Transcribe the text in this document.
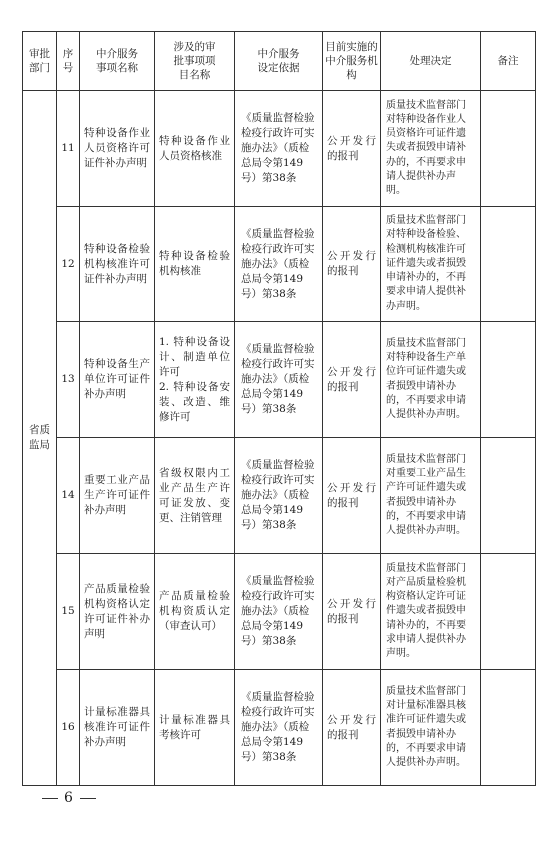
审批部门	序号	中介服务事项名称	涉及的审批事项项目名称	中介服务设定依据	目前实施的中介服务机构	处理决定	备注
省质监局	11	特种设备作业人员资格许可证件补办声明	特种设备作业人员资格核准	《质量监督检验检疫行政许可实施办法》（质检总局令第149号）第38条	公开发行的报刊	质量技术监督部门对特种设备作业人员资格许可证件遗失或者损毁申请补办的，不再要求申请人提供补办声明。	

	12	特种设备检验机构核准许可证件补办声明	特种设备检验机构核准	《质量监督检验检疫行政许可实施办法》（质检总局令第149号）第38条	公开发行的报刊	质量技术监督部门对特种设备检验、检测机构核准许可证件遗失或者损毁申请补办的，不再要求申请人提供补办声明。	

	13	特种设备生产单位许可证件补办声明	1. 特种设备设计、制造单位许可
2. 特种设备安装、改造、维修许可	《质量监督检验检疫行政许可实施办法》（质检总局令第149号）第38条	公开发行的报刊	质量技术监督部门对特种设备生产单位许可证件遗失或者损毁申请补办的，不再要求申请人提供补办声明。	

	14	重要工业产品生产许可证件补办声明	省级权限内工业产品生产许可证发放、变更、注销管理	《质量监督检验检疫行政许可实施办法》（质检总局令第149号）第38条	公开发行的报刊	质量技术监督部门对重要工业产品生产许可证件遗失或者损毁申请补办的，不再要求申请人提供补办声明。	

	15	产品质量检验机构资格认定许可证件补办声明	产品质量检验机构资质认定（审查认可）	《质量监督检验检疫行政许可实施办法》（质检总局令第149号）第38条	公开发行的报刊	质量技术监督部门对产品质量检验机构资格认定许可证件遗失或者损毁申请补办的，不再要求申请人提供补办声明。	

	16	计量标准器具核准许可证件补办声明	计量标准器具考核许可	《质量监督检验检疫行政许可实施办法》（质检总局令第149号）第38条	公开发行的报刊	质量技术监督部门对计量标准器具核准许可证件遗失或者损毁申请补办的，不再要求申请人提供补办声明。	

6
